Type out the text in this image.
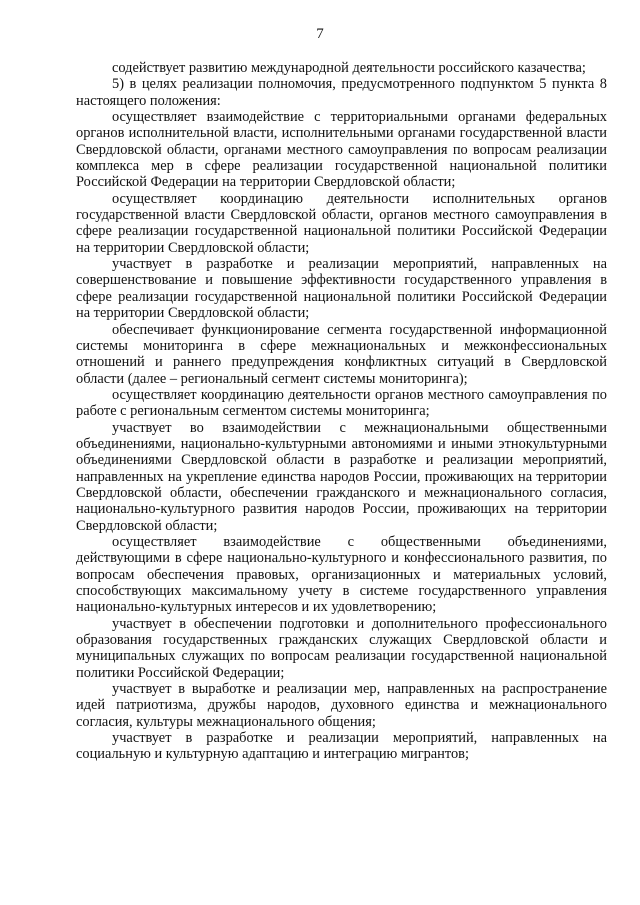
7

содействует развитию международной деятельности российского казачества;

5) в целях реализации полномочия, предусмотренного подпунктом 5 пункта 8 настоящего положения:

осуществляет взаимодействие с территориальными органами федеральных органов исполнительной власти, исполнительными органами государственной власти Свердловской области, органами местного самоуправления по вопросам реализации комплекса мер в сфере реализации государственной национальной политики Российской Федерации на территории Свердловской области;

осуществляет координацию деятельности исполнительных органов государственной власти Свердловской области, органов местного самоуправления в сфере реализации государственной национальной политики Российской Федерации на территории Свердловской области;

участвует в разработке и реализации мероприятий, направленных на совершенствование и повышение эффективности государственного управления в сфере реализации государственной национальной политики Российской Федерации на территории Свердловской области;

обеспечивает функционирование сегмента государственной информационной системы мониторинга в сфере межнациональных и межконфессиональных отношений и раннего предупреждения конфликтных ситуаций в Свердловской области (далее – региональный сегмент системы мониторинга);

осуществляет координацию деятельности органов местного самоуправления по работе с региональным сегментом системы мониторинга;

участвует во взаимодействии с межнациональными общественными объединениями, национально-культурными автономиями и иными этнокультурными объединениями Свердловской области в разработке и реализации мероприятий, направленных на укрепление единства народов России, проживающих на территории Свердловской области, обеспечении гражданского и межнационального согласия, национально-культурного развития народов России, проживающих на территории Свердловской области;

осуществляет взаимодействие с общественными объединениями, действующими в сфере национально-культурного и конфессионального развития, по вопросам обеспечения правовых, организационных и материальных условий, способствующих максимальному учету в системе государственного управления национально-культурных интересов и их удовлетворению;

участвует в обеспечении подготовки и дополнительного профессионального образования государственных гражданских служащих Свердловской области и муниципальных служащих по вопросам реализации государственной национальной политики Российской Федерации;

участвует в выработке и реализации мер, направленных на распространение идей патриотизма, дружбы народов, духовного единства и межнационального согласия, культуры межнационального общения;

участвует в разработке и реализации мероприятий, направленных на социальную и культурную адаптацию и интеграцию мигрантов;
